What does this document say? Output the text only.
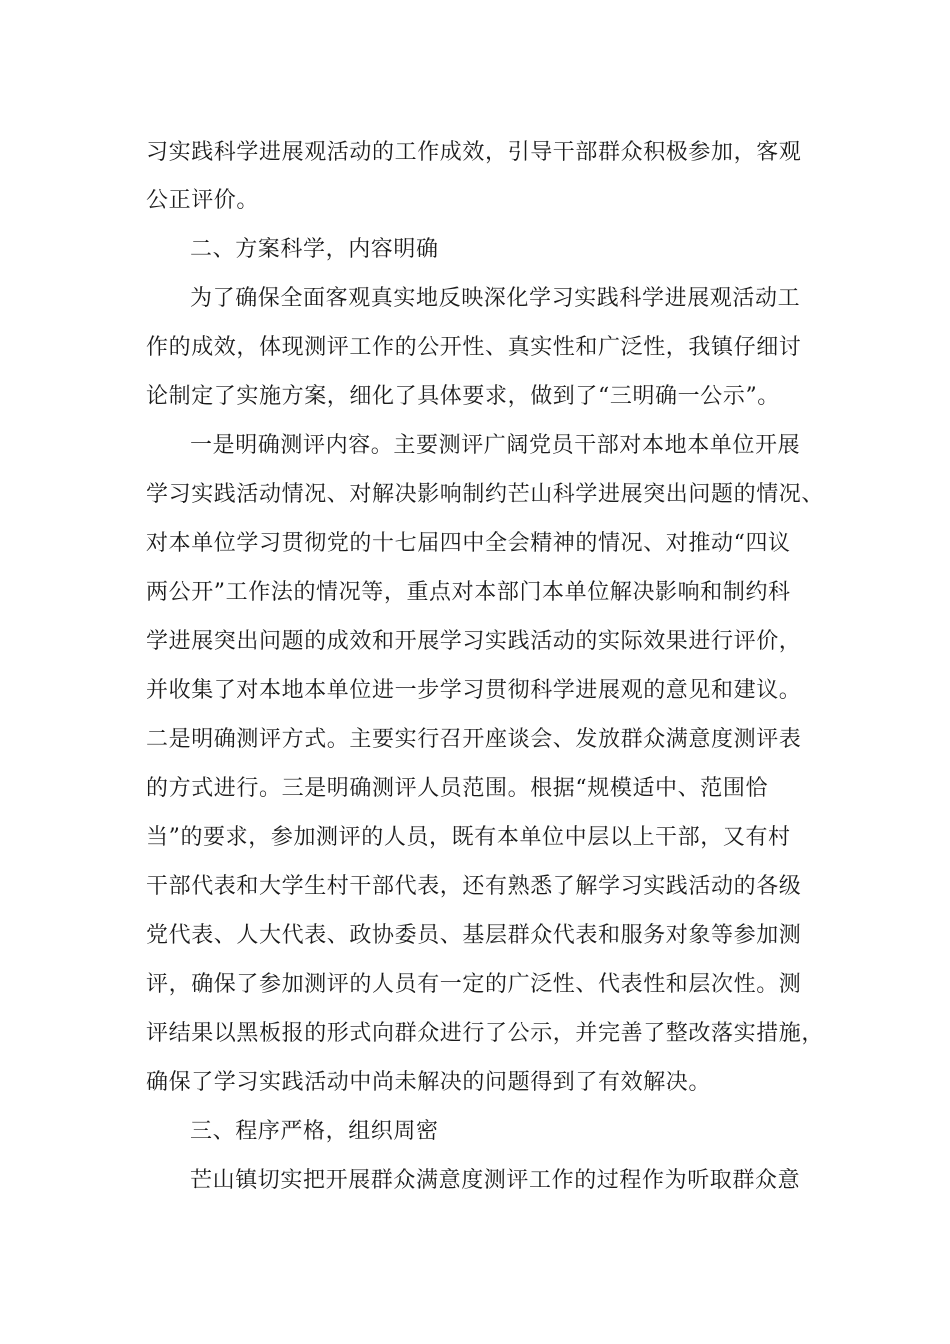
习实践科学进展观活动的工作成效，引导干部群众积极参加，客观
公正评价。
二、方案科学，内容明确
为了确保全面客观真实地反映深化学习实践科学进展观活动工
作的成效，体现测评工作的公开性、真实性和广泛性，我镇仔细讨
论制定了实施方案，细化了具体要求，做到了“三明确一公示”。
一是明确测评内容。主要测评广阔党员干部对本地本单位开展
学习实践活动情况、对解决影响制约芒山科学进展突出问题的情况、
对本单位学习贯彻党的十七届四中全会精神的情况、对推动“四议
两公开”工作法的情况等，重点对本部门本单位解决影响和制约科
学进展突出问题的成效和开展学习实践活动的实际效果进行评价，
并收集了对本地本单位进一步学习贯彻科学进展观的意见和建议。
二是明确测评方式。主要实行召开座谈会、发放群众满意度测评表
的方式进行。三是明确测评人员范围。根据“规模适中、范围恰
当”的要求，参加测评的人员，既有本单位中层以上干部，又有村
干部代表和大学生村干部代表，还有熟悉了解学习实践活动的各级
党代表、人大代表、政协委员、基层群众代表和服务对象等参加测
评，确保了参加测评的人员有一定的广泛性、代表性和层次性。测
评结果以黑板报的形式向群众进行了公示，并完善了整改落实措施，
确保了学习实践活动中尚未解决的问题得到了有效解决。
三、程序严格，组织周密
芒山镇切实把开展群众满意度测评工作的过程作为听取群众意
